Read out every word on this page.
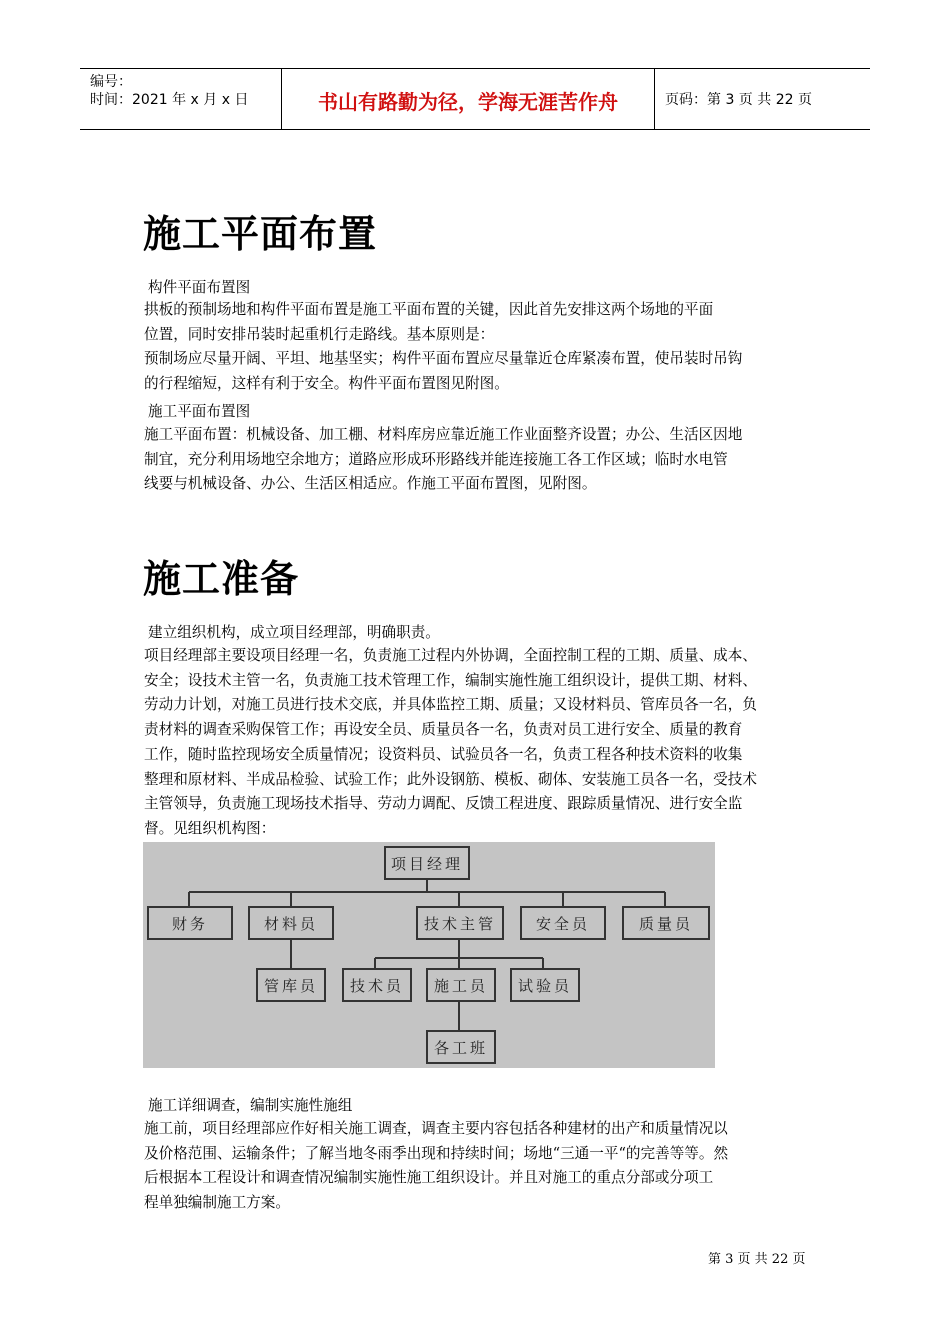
编号：
时间：2021 年 x 月 x 日	书山有路勤为径，学海无涯苦作舟	页码：第 3 页 共 22 页
施工平面布置
构件平面布置图
拱板的预制场地和构件平面布置是施工平面布置的关键，因此首先安排这两个场地的平面
位置，同时安排吊装时起重机行走路线。基本原则是：
预制场应尽量开阔、平坦、地基坚实；构件平面布置应尽量靠近仓库紧凑布置，使吊装时吊钩
的行程缩短，这样有利于安全。构件平面布置图见附图。
施工平面布置图
施工平面布置：机械设备、加工棚、材料库房应靠近施工作业面整齐设置；办公、生活区因地
制宜，充分利用场地空余地方；道路应形成环形路线并能连接施工各工作区域；临时水电管
线要与机械设备、办公、生活区相适应。作施工平面布置图，见附图。
施工准备
建立组织机构，成立项目经理部，明确职责。
项目经理部主要设项目经理一名，负责施工过程内外协调，全面控制工程的工期、质量、成本、
安全；设技术主管一名，负责施工技术管理工作，编制实施性施工组织设计，提供工期、材料、
劳动力计划，对施工员进行技术交底，并具体监控工期、质量；又设材料员、管库员各一名，负
责材料的调查采购保管工作；再设安全员、质量员各一名，负责对员工进行安全、质量的教育
工作，随时监控现场安全质量情况；设资料员、试验员各一名，负责工程各种技术资料的收集
整理和原材料、半成品检验、试验工作；此外设钢筋、模板、砌体、安装施工员各一名，受技术
主管领导，负责施工现场技术指导、劳动力调配、反馈工程进度、跟踪质量情况、进行安全监
督。见组织机构图：
项目经理
财务	材料员	技术主管	安全员	质量员
管库员	技术员	施工员	试验员
各工班
施工详细调查，编制实施性施组
施工前，项目经理部应作好相关施工调查，调查主要内容包括各种建材的出产和质量情况以
及价格范围、运输条件；了解当地冬雨季出现和持续时间；场地“三通一平“的完善等等。然
后根据本工程设计和调查情况编制实施性施工组织设计。并且对施工的重点分部或分项工
程单独编制施工方案。
第 3 页 共 22 页
